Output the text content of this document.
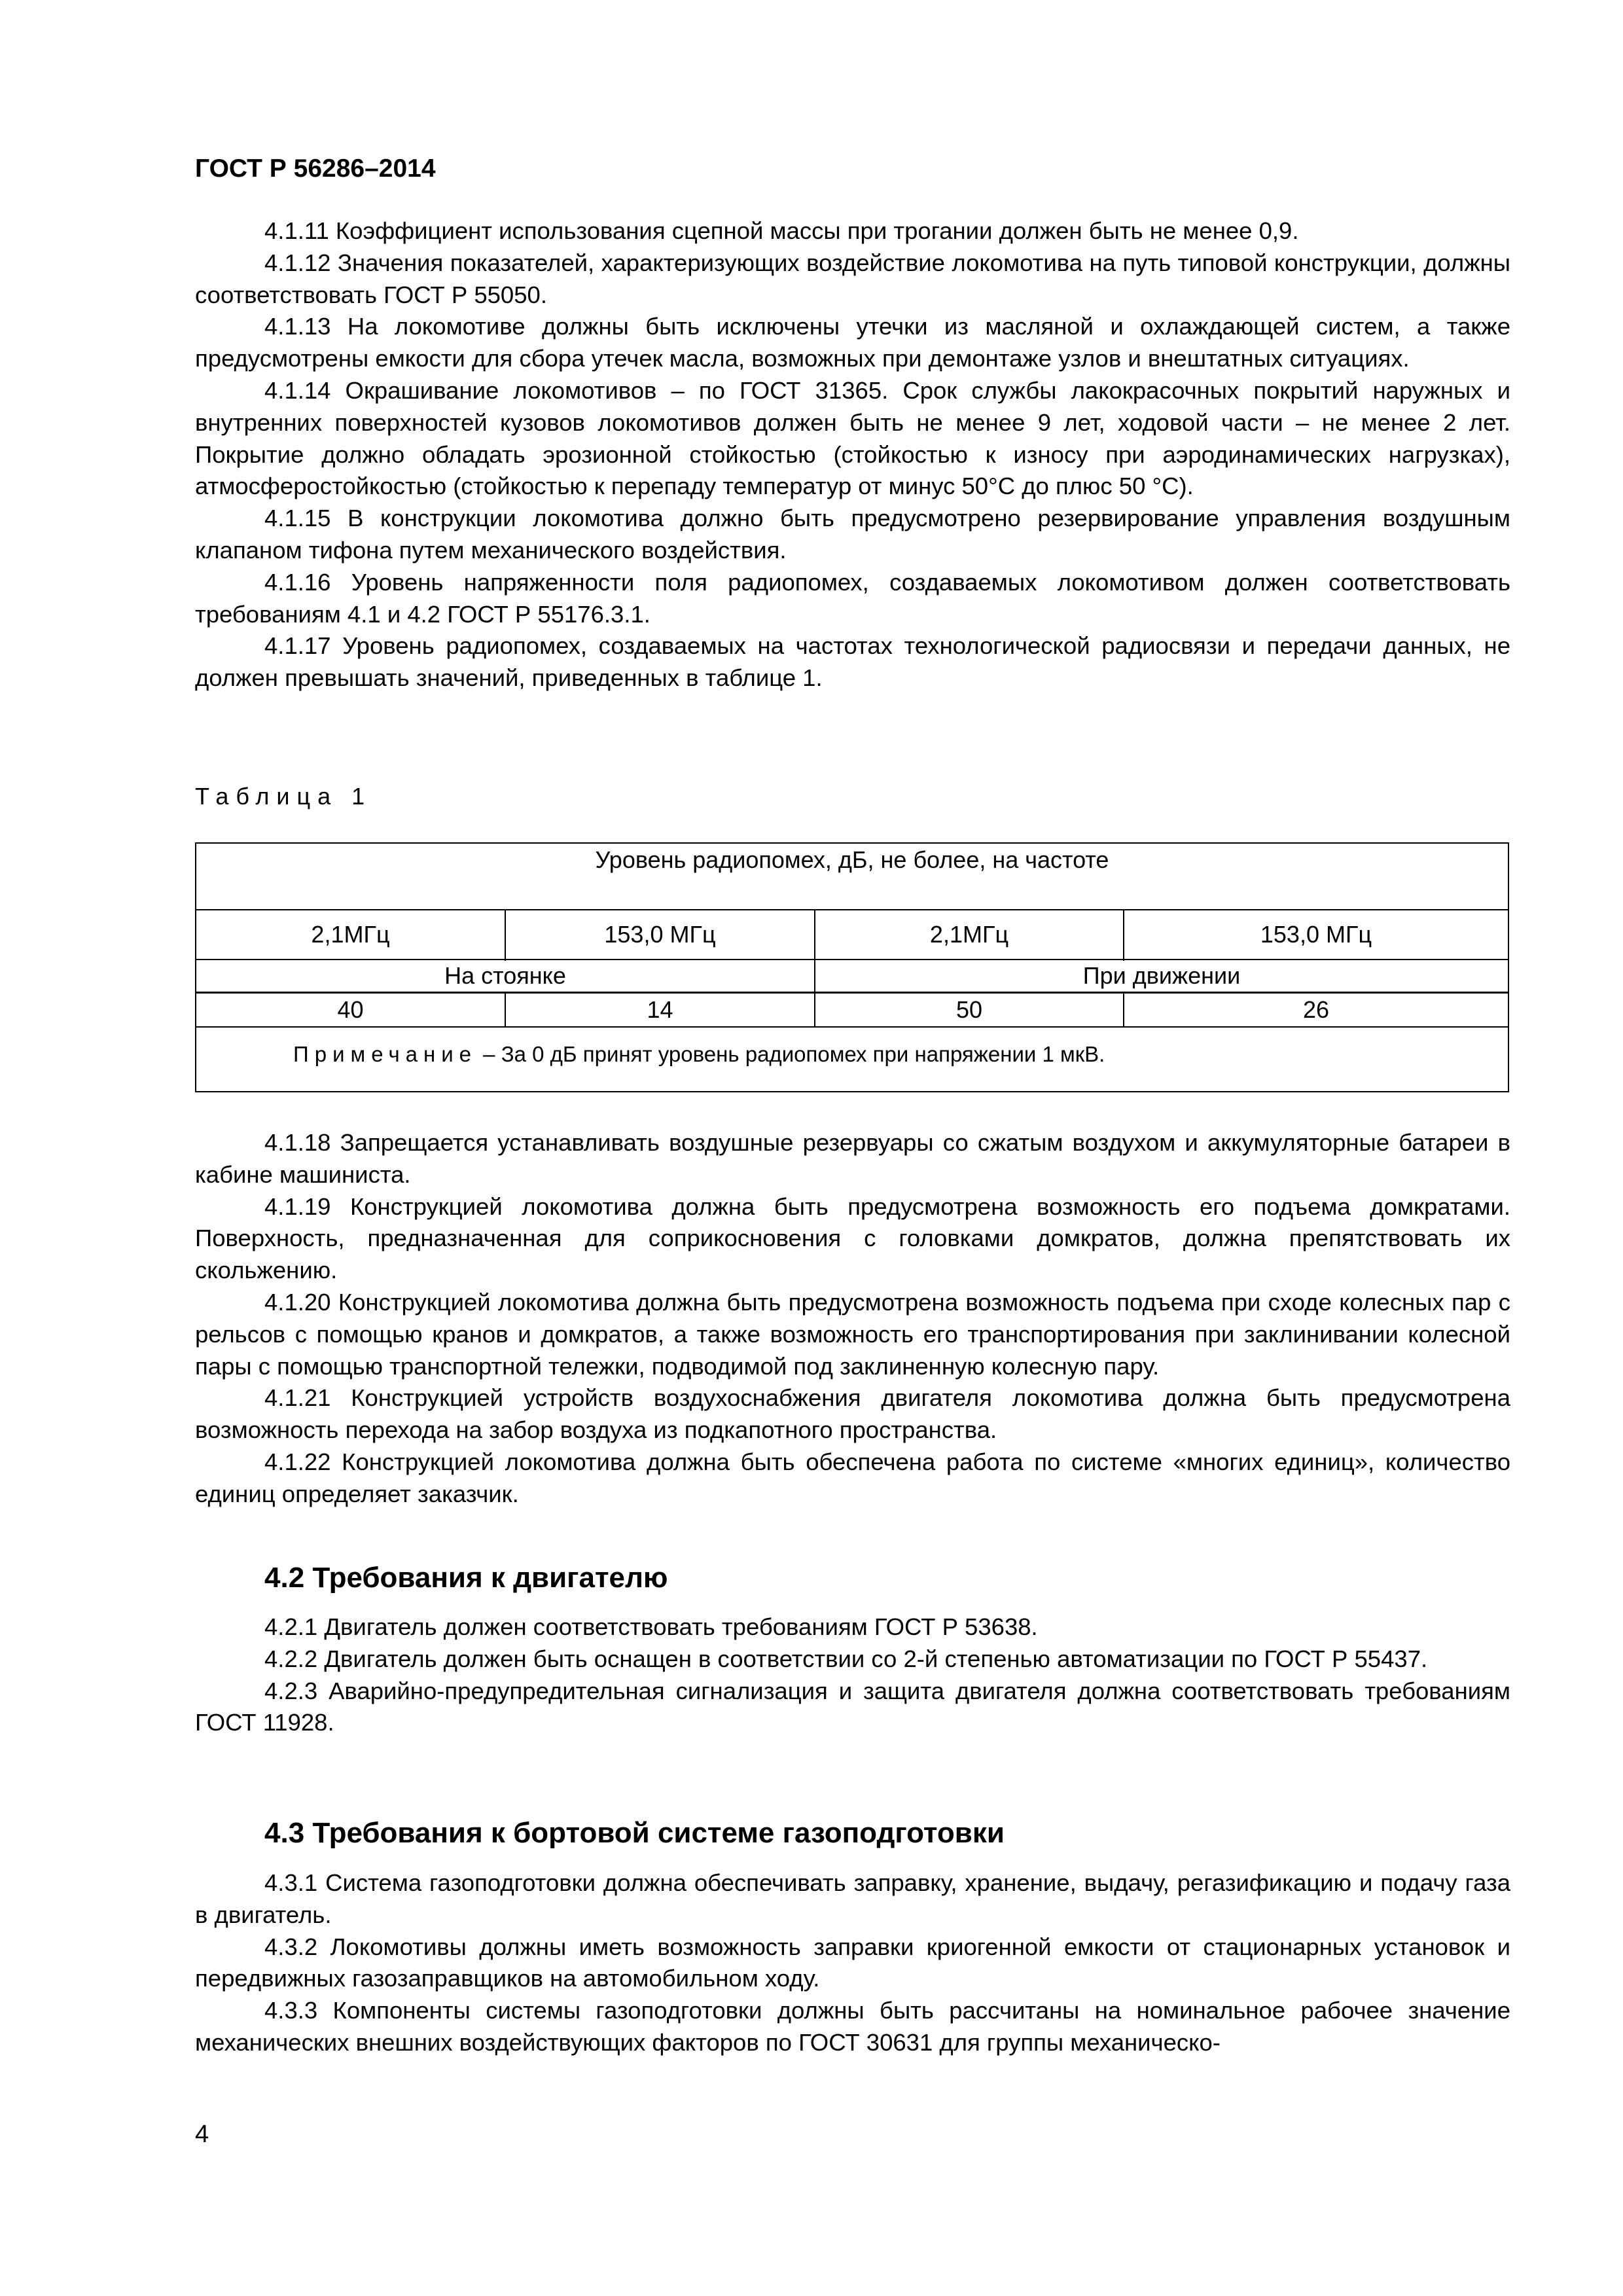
ГОСТ Р 56286–2014

4.1.11 Коэффициент использования сцепной массы при трогании должен быть не менее 0,9.

4.1.12 Значения показателей, характеризующих воздействие локомотива на путь типовой конструкции, должны соответствовать ГОСТ Р 55050.

4.1.13 На локомотиве должны быть исключены утечки из масляной и охлаждающей систем, а также предусмотрены емкости для сбора утечек масла, возможных при демонтаже узлов и внештатных ситуациях.

4.1.14 Окрашивание локомотивов – по ГОСТ 31365. Срок службы лакокрасочных покрытий наружных и внутренних поверхностей кузовов локомотивов должен быть не менее 9 лет, ходовой части – не менее 2 лет. Покрытие должно обладать эрозионной стойкостью (стойкостью к износу при аэродинамических нагрузках), атмосферостойкостью (стойкостью к перепаду температур от минус 50°С до плюс 50 °С).

4.1.15 В конструкции локомотива должно быть предусмотрено резервирование управления воздушным клапаном тифона путем механического воздействия.

4.1.16 Уровень напряженности поля радиопомех, создаваемых локомотивом должен соответствовать требованиям 4.1 и 4.2 ГОСТ Р 55176.3.1.

4.1.17 Уровень радиопомех, создаваемых на частотах технологической радиосвязи и передачи данных, не должен превышать значений, приведенных в таблице 1.

Таблица 1
Уровень радиопомех, дБ, не более, на частоте
2,1МГц	153,0 МГц	2,1МГц	153,0 МГц
На стоянке	При движении
40	14	50	26
Примечание – За 0 дБ принят уровень радиопомех при напряжении 1 мкВ.

4.1.18 Запрещается устанавливать воздушные резервуары со сжатым воздухом и аккумуляторные батареи в кабине машиниста.

4.1.19 Конструкцией локомотива должна быть предусмотрена возможность его подъема домкратами. Поверхность, предназначенная для соприкосновения с головками домкратов, должна препятствовать их скольжению.

4.1.20 Конструкцией локомотива должна быть предусмотрена возможность подъема при сходе колесных пар с рельсов с помощью кранов и домкратов, а также возможность его транспортирования при заклинивании колесной пары с помощью транспортной тележки, подводимой под заклиненную колесную пару.

4.1.21 Конструкцией устройств воздухоснабжения двигателя локомотива должна быть предусмотрена возможность перехода на забор воздуха из подкапотного пространства.

4.1.22 Конструкцией локомотива должна быть обеспечена работа по системе «многих единиц», количество единиц определяет заказчик.

4.2 Требования к двигателю

4.2.1 Двигатель должен соответствовать требованиям ГОСТ Р 53638.

4.2.2 Двигатель должен быть оснащен в соответствии со 2-й степенью автоматизации по ГОСТ Р 55437.

4.2.3 Аварийно-предупредительная сигнализация и защита двигателя должна соответствовать требованиям ГОСТ 11928.

4.3 Требования к бортовой системе газоподготовки

4.3.1 Система газоподготовки должна обеспечивать заправку, хранение, выдачу, регазификацию и подачу газа в двигатель.

4.3.2 Локомотивы должны иметь возможность заправки криогенной емкости от стационарных установок и передвижных газозаправщиков на автомобильном ходу.

4.3.3 Компоненты системы газоподготовки должны быть рассчитаны на номинальное рабочее значение механических внешних воздействующих факторов по ГОСТ 30631 для группы механическо-

4
